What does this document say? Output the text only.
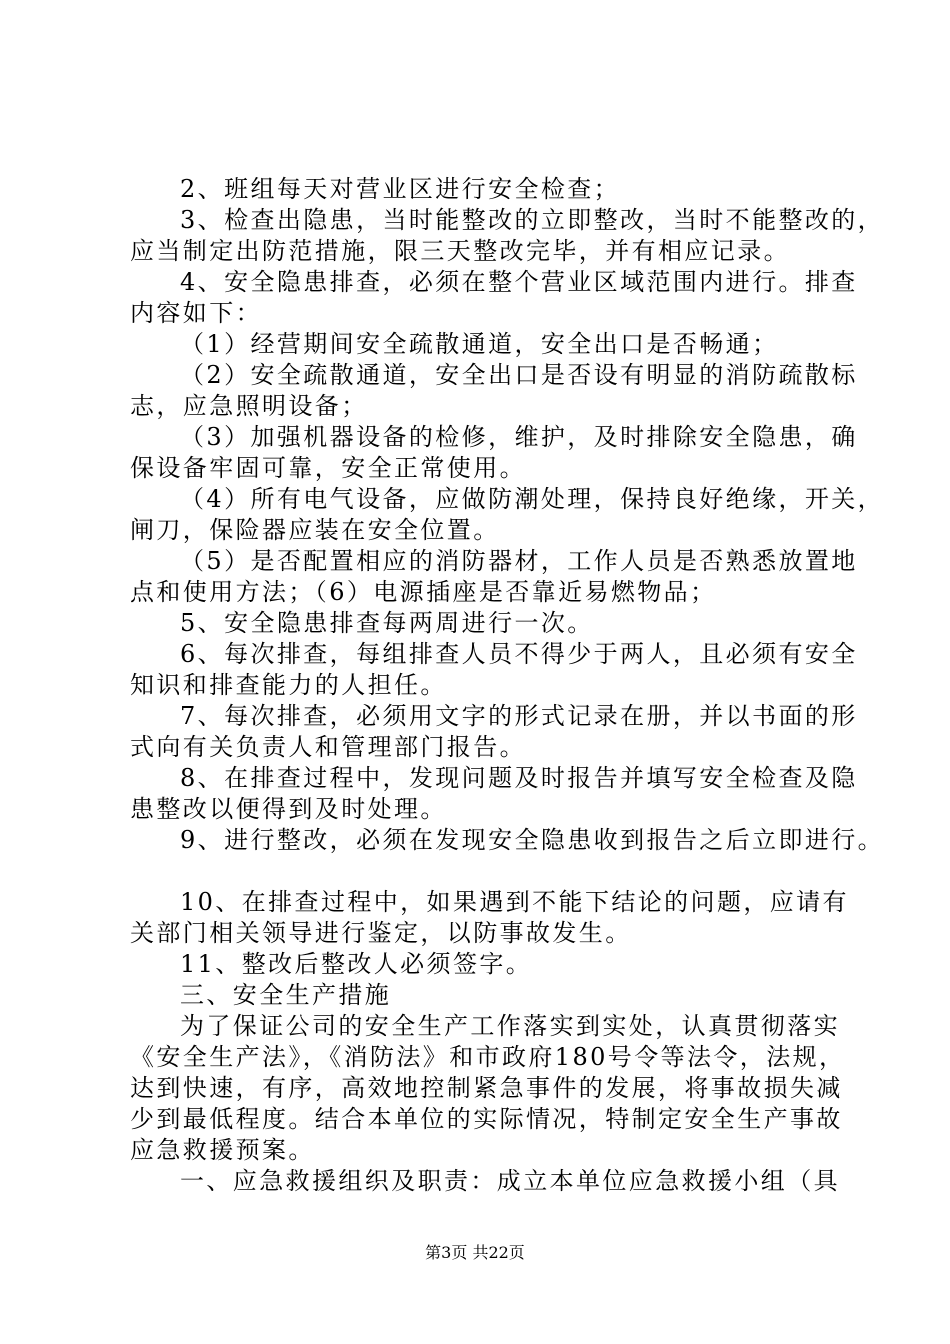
2、班组每天对营业区进行安全检查；
3、检查出隐患，当时能整改的立即整改，当时不能整改的，
应当制定出防范措施，限三天整改完毕，并有相应记录。
4、安全隐患排查，必须在整个营业区域范围内进行。排查
内容如下：
（1）经营期间安全疏散通道，安全出口是否畅通；
（2）安全疏散通道，安全出口是否设有明显的消防疏散标
志，应急照明设备；
（3）加强机器设备的检修，维护，及时排除安全隐患，确
保设备牢固可靠，安全正常使用。
（4）所有电气设备，应做防潮处理，保持良好绝缘，开关，
闸刀，保险器应装在安全位置。
（5）是否配置相应的消防器材，工作人员是否熟悉放置地
点和使用方法；（6）电源插座是否靠近易燃物品；
5、安全隐患排查每两周进行一次。
6、每次排查，每组排查人员不得少于两人，且必须有安全
知识和排查能力的人担任。
7、每次排查，必须用文字的形式记录在册，并以书面的形
式向有关负责人和管理部门报告。
8、在排查过程中，发现问题及时报告并填写安全检查及隐
患整改以便得到及时处理。
9、进行整改，必须在发现安全隐患收到报告之后立即进行。
10、在排查过程中，如果遇到不能下结论的问题，应请有
关部门相关领导进行鉴定，以防事故发生。
11、整改后整改人必须签字。
三、安全生产措施
为了保证公司的安全生产工作落实到实处，认真贯彻落实
《安全生产法》，《消防法》和市政府180号令等法令，法规，
达到快速，有序，高效地控制紧急事件的发展，将事故损失减
少到最低程度。结合本单位的实际情况，特制定安全生产事故
应急救援预案。
一、应急救援组织及职责：成立本单位应急救援小组（具
第3页 共22页
